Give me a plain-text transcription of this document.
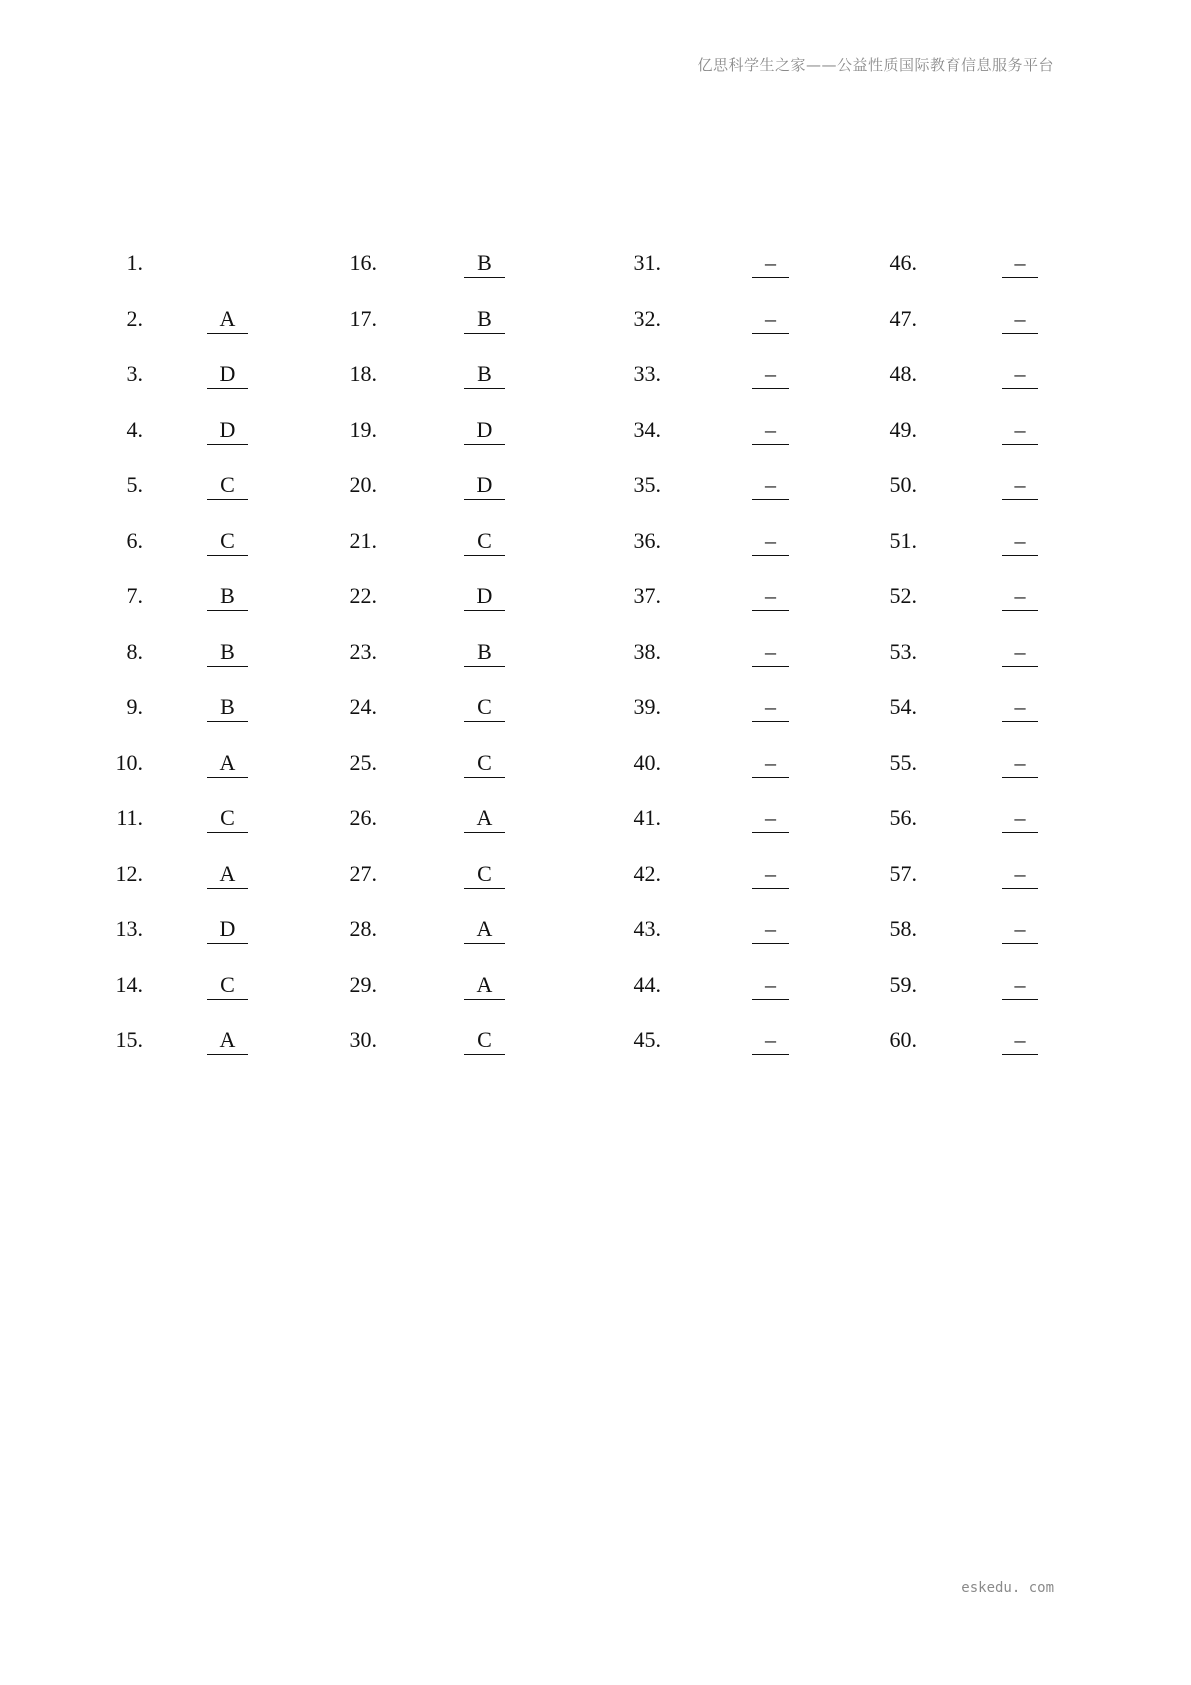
亿思科学生之家——公益性质国际教育信息服务平台
1.
2.	A
3.	D
4.	D
5.	C
6.	C
7.	B
8.	B
9.	B
10.	A
11.	C
12.	A
13.	D
14.	C
15.	A
16.	B
17.	B
18.	B
19.	D
20.	D
21.	C
22.	D
23.	B
24.	C
25.	C
26.	A
27.	C
28.	A
29.	A
30.	C
31.	–
32.	–
33.	–
34.	–
35.	–
36.	–
37.	–
38.	–
39.	–
40.	–
41.	–
42.	–
43.	–
44.	–
45.	–
46.	–
47.	–
48.	–
49.	–
50.	–
51.	–
52.	–
53.	–
54.	–
55.	–
56.	–
57.	–
58.	–
59.	–
60.	–
eskedu. com
